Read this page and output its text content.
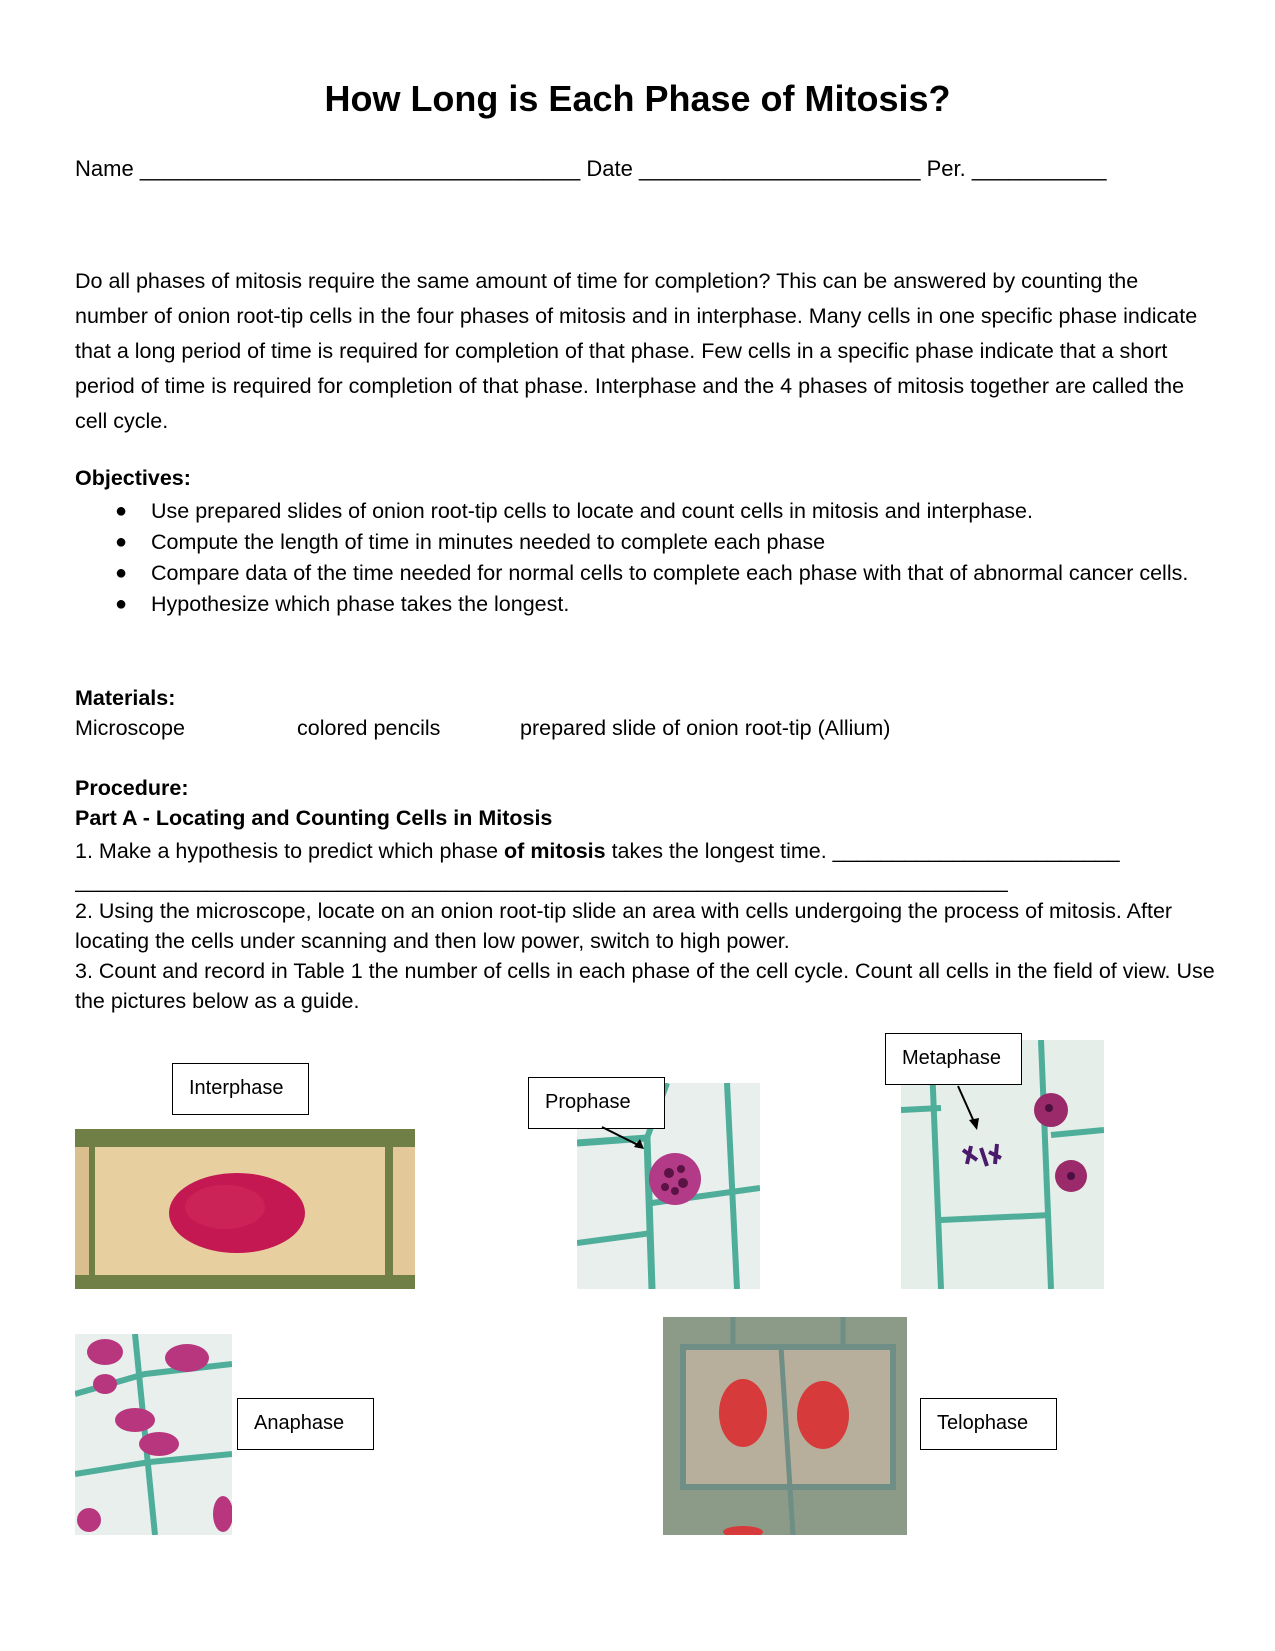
How Long is Each Phase of Mitosis?
Name ____________________________________ Date _______________________ Per. ___________
Do all phases of mitosis require the same amount of time for completion? This can be answered by counting the number of onion root-tip cells in the four phases of mitosis and in interphase. Many cells in one specific phase indicate that a long period of time is required for completion of that phase. Few cells in a specific phase indicate that a short period of time is required for completion of that phase. Interphase and the 4 phases of mitosis together are called the cell cycle.
Objectives:
● Use prepared slides of onion root-tip cells to locate and count cells in mitosis and interphase.
● Compute the length of time in minutes needed to complete each phase
● Compare data of the time needed for normal cells to complete each phase with that of abnormal cancer cells.
● Hypothesize which phase takes the longest.
Materials:
Microscope	colored pencils	prepared slide of onion root-tip (Allium)
Procedure:
Part A - Locating and Counting Cells in Mitosis
1. Make a hypothesis to predict which phase of mitosis takes the longest time. ________________________
______________________________________________________________________________
2. Using the microscope, locate on an onion root-tip slide an area with cells undergoing the process of mitosis. After locating the cells under scanning and then low power, switch to high power.
3. Count and record in Table 1 the number of cells in each phase of the cell cycle. Count all cells in the field of view. Use the pictures below as a guide.
Interphase
Prophase
Metaphase
Anaphase	Telophase
